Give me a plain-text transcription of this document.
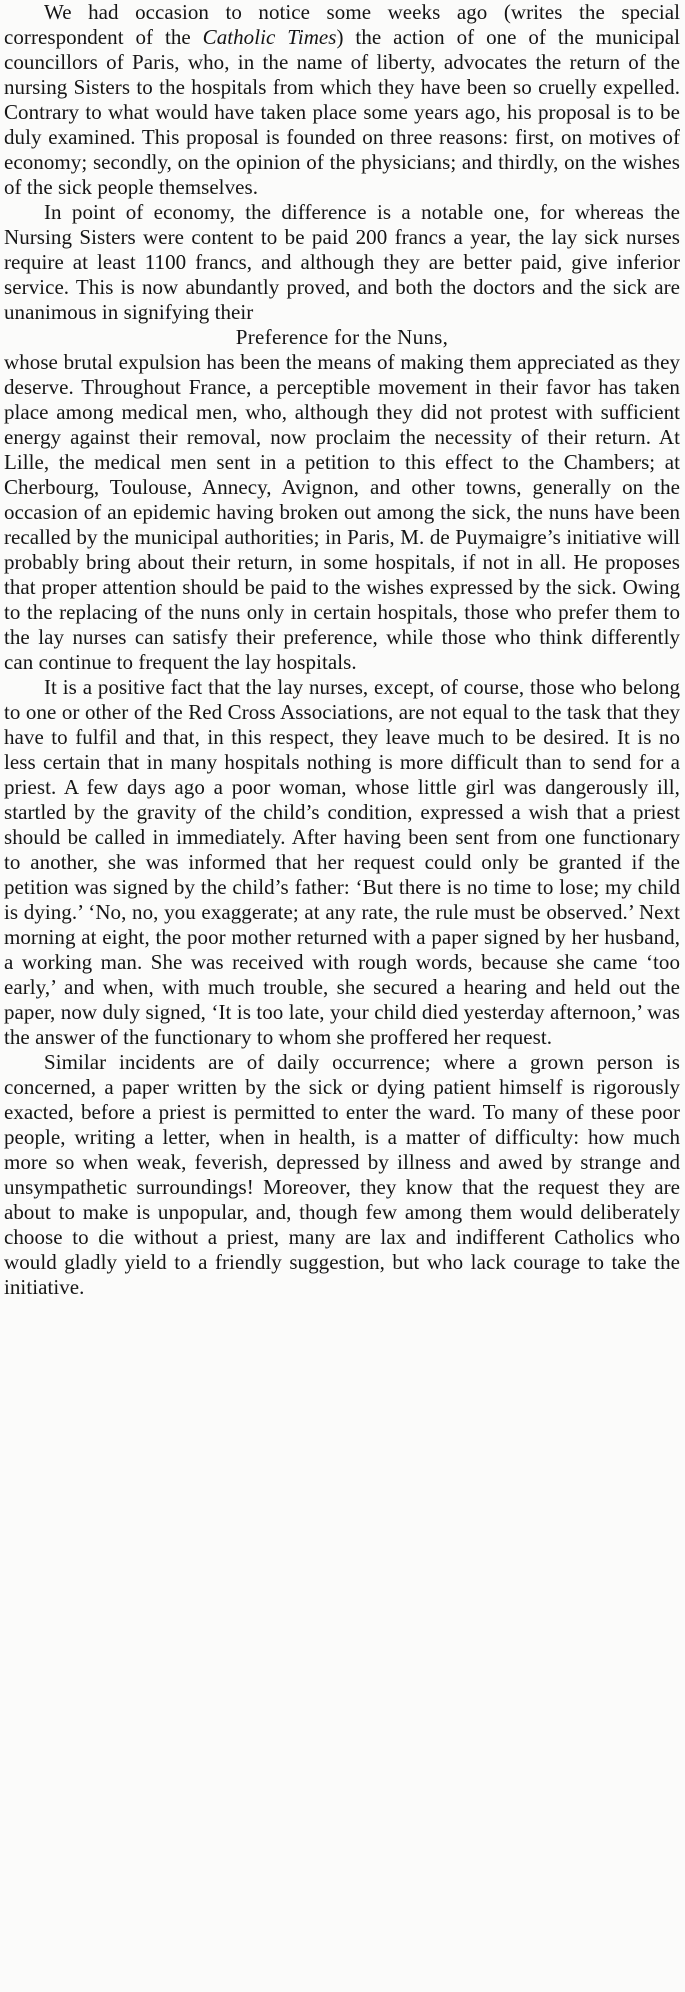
We had occasion to notice some weeks ago (writes the special correspondent of the Catholic Times) the action of one of the municipal councillors of Paris, who, in the name of liberty, advocates the return of the nursing Sisters to the hospitals from which they have been so cruelly expelled. Contrary to what would have taken place some years ago, his proposal is to be duly examined. This proposal is founded on three reasons: first, on motives of economy; secondly, on the opinion of the physicians; and thirdly, on the wishes of the sick people themselves.

In point of economy, the difference is a notable one, for whereas the Nursing Sisters were content to be paid 200 francs a year, the lay sick nurses require at least 1100 francs, and although they are better paid, give inferior service. This is now abundantly proved, and both the doctors and the sick are unanimous in signifying their

Preference for the Nuns,

whose brutal expulsion has been the means of making them appreciated as they deserve. Throughout France, a perceptible movement in their favor has taken place among medical men, who, although they did not protest with sufficient energy against their removal, now proclaim the necessity of their return. At Lille, the medical men sent in a petition to this effect to the Chambers; at Cherbourg, Toulouse, Annecy, Avignon, and other towns, generally on the occasion of an epidemic having broken out among the sick, the nuns have been recalled by the municipal authorities; in Paris, M. de Puymaigre’s initiative will probably bring about their return, in some hospitals, if not in all. He proposes that proper attention should be paid to the wishes expressed by the sick. Owing to the replacing of the nuns only in certain hospitals, those who prefer them to the lay nurses can satisfy their preference, while those who think differently can continue to frequent the lay hospitals.

It is a positive fact that the lay nurses, except, of course, those who belong to one or other of the Red Cross Associations, are not equal to the task that they have to fulfil and that, in this respect, they leave much to be desired. It is no less certain that in many hospitals nothing is more difficult than to send for a priest. A few days ago a poor woman, whose little girl was dangerously ill, startled by the gravity of the child’s condition, expressed a wish that a priest should be called in immediately. After having been sent from one functionary to another, she was informed that her request could only be granted if the petition was signed by the child’s father: ‘But there is no time to lose; my child is dying.’ ‘No, no, you exaggerate; at any rate, the rule must be observed.’ Next morning at eight, the poor mother returned with a paper signed by her husband, a working man. She was received with rough words, because she came ‘too early,’ and when, with much trouble, she secured a hearing and held out the paper, now duly signed, ‘It is too late, your child died yesterday afternoon,’ was the answer of the functionary to whom she proffered her request.

Similar incidents are of daily occurrence; where a grown person is concerned, a paper written by the sick or dying patient himself is rigorously exacted, before a priest is permitted to enter the ward. To many of these poor people, writing a letter, when in health, is a matter of difficulty: how much more so when weak, feverish, depressed by illness and awed by strange and unsympathetic surroundings! Moreover, they know that the request they are about to make is unpopular, and, though few among them would deliberately choose to die without a priest, many are lax and indifferent Catholics who would gladly yield to a friendly suggestion, but who lack courage to take the initiative.
